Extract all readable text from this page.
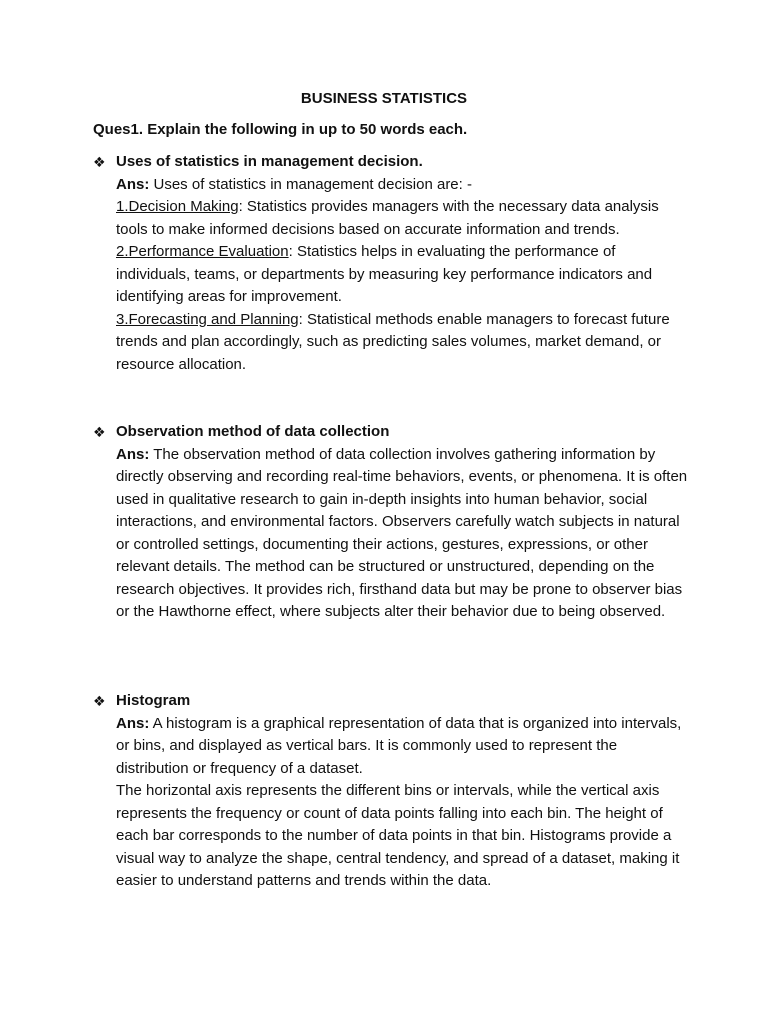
BUSINESS STATISTICS
Ques1. Explain the following in up to 50 words each.
❖ Uses of statistics in management decision.

Ans: Uses of statistics in management decision are: -

1.Decision Making: Statistics provides managers with the necessary data analysis tools to make informed decisions based on accurate information and trends.

2.Performance Evaluation: Statistics helps in evaluating the performance of individuals, teams, or departments by measuring key performance indicators and identifying areas for improvement.

3.Forecasting and Planning: Statistical methods enable managers to forecast future trends and plan accordingly, such as predicting sales volumes, market demand, or resource allocation.

❖ Observation method of data collection

Ans: The observation method of data collection involves gathering information by directly observing and recording real-time behaviors, events, or phenomena. It is often used in qualitative research to gain in-depth insights into human behavior, social interactions, and environmental factors. Observers carefully watch subjects in natural or controlled settings, documenting their actions, gestures, expressions, or other relevant details. The method can be structured or unstructured, depending on the research objectives. It provides rich, firsthand data but may be prone to observer bias or the Hawthorne effect, where subjects alter their behavior due to being observed.

❖ Histogram

Ans: A histogram is a graphical representation of data that is organized into intervals, or bins, and displayed as vertical bars. It is commonly used to represent the distribution or frequency of a dataset.

The horizontal axis represents the different bins or intervals, while the vertical axis represents the frequency or count of data points falling into each bin. The height of each bar corresponds to the number of data points in that bin. Histograms provide a visual way to analyze the shape, central tendency, and spread of a dataset, making it easier to understand patterns and trends within the data.
